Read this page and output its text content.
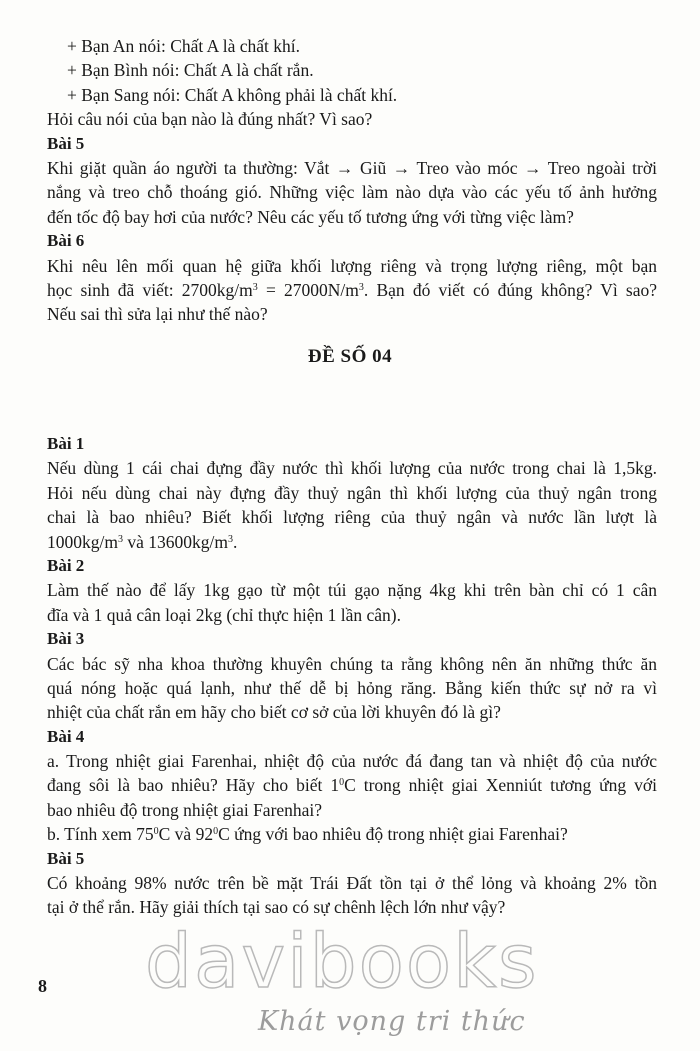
+ Bạn An nói: Chất A là chất khí.
+ Bạn Bình nói: Chất A là chất rắn.
+ Bạn Sang nói: Chất A không phải là chất khí.
Hỏi câu nói của bạn nào là đúng nhất? Vì sao?
Bài 5
Khi giặt quần áo người ta thường: Vắt → Giũ → Treo vào móc → Treo ngoài trời
nắng và treo chỗ thoáng gió. Những việc làm nào dựa vào các yếu tố ảnh hưởng
đến tốc độ bay hơi của nước? Nêu các yếu tố tương ứng với từng việc làm?
Bài 6
Khi nêu lên mối quan hệ giữa khối lượng riêng và trọng lượng riêng, một bạn
học sinh đã viết: $2700kg/m^3 = 27000N/m^3$. Bạn đó viết có đúng không? Vì sao?
Nếu sai thì sửa lại như thế nào?
ĐỀ SỐ 04
Bài 1
Nếu dùng 1 cái chai đựng đầy nước thì khối lượng của nước trong chai là 1,5kg.
Hỏi nếu dùng chai này đựng đầy thuỷ ngân thì khối lượng của thuỷ ngân trong
chai là bao nhiêu? Biết khối lượng riêng của thuỷ ngân và nước lần lượt là
$1000kg/m^3$ và $13600kg/m^3$.
Bài 2
Làm thế nào để lấy 1kg gạo từ một túi gạo nặng 4kg khi trên bàn chỉ có 1 cân
đĩa và 1 quả cân loại 2kg (chỉ thực hiện 1 lần cân).
Bài 3
Các bác sỹ nha khoa thường khuyên chúng ta rằng không nên ăn những thức ăn
quá nóng hoặc quá lạnh, như thế dễ bị hỏng răng. Bằng kiến thức sự nở ra vì
nhiệt của chất rắn em hãy cho biết cơ sở của lời khuyên đó là gì?
Bài 4
a. Trong nhiệt giai Farenhai, nhiệt độ của nước đá đang tan và nhiệt độ của nước
đang sôi là bao nhiêu? Hãy cho biết $1^0C$ trong nhiệt giai Xenniút tương ứng với
bao nhiêu độ trong nhiệt giai Farenhai?
b. Tính xem $75^0C$ và $92^0C$ ứng với bao nhiêu độ trong nhiệt giai Farenhai?
Bài 5
Có khoảng 98% nước trên bề mặt Trái Đất tồn tại ở thể lỏng và khoảng 2% tồn
tại ở thể rắn. Hãy giải thích tại sao có sự chênh lệch lớn như vậy?
8 davibooks
Khát vọng tri thức
